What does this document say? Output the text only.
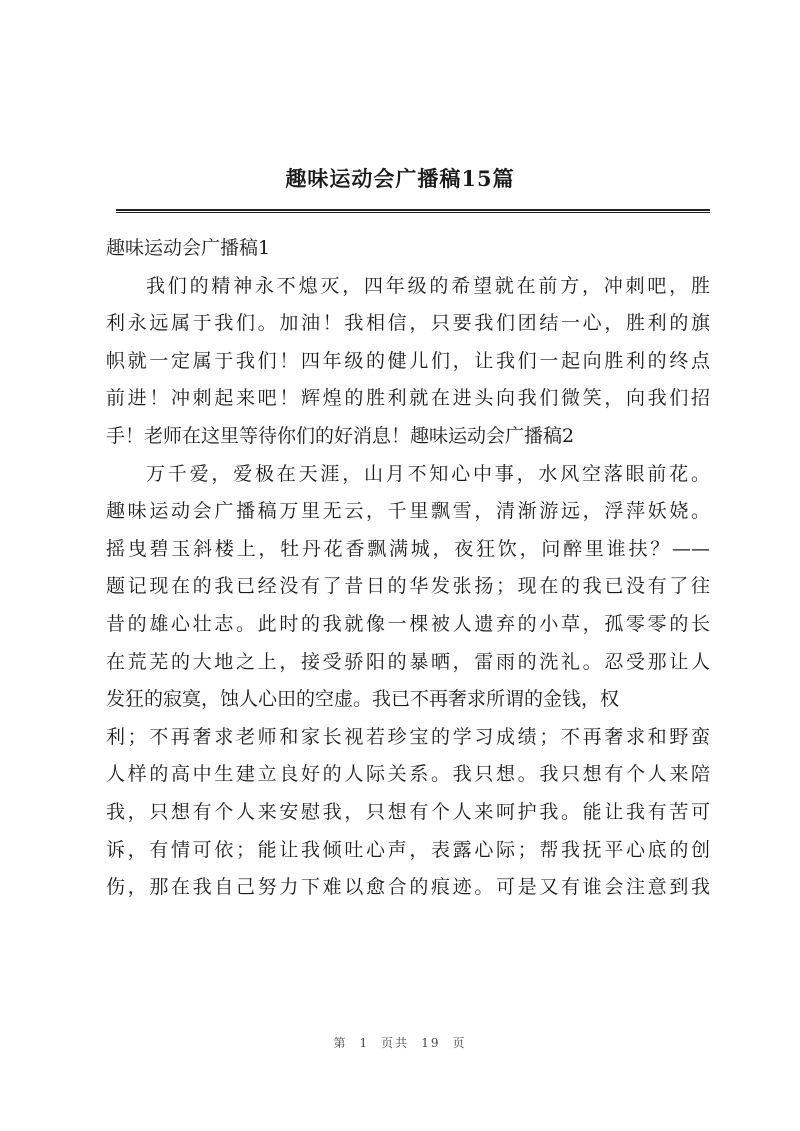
趣味运动会广播稿15篇
趣味运动会广播稿1
我们的精神永不熄灭，四年级的希望就在前方，冲刺吧，胜
利永远属于我们。加油！我相信，只要我们团结一心，胜利的旗
帜就一定属于我们！四年级的健儿们，让我们一起向胜利的终点
前进！冲刺起来吧！辉煌的胜利就在进头向我们微笑，向我们招
手！老师在这里等待你们的好消息！趣味运动会广播稿2
万千爱，爱极在天涯，山月不知心中事，水风空落眼前花。
趣味运动会广播稿万里无云，千里飘雪，清渐游远，浮萍妖娆。
摇曳碧玉斜楼上，牡丹花香飘满城，夜狂饮，问醉里谁扶？——
题记现在的我已经没有了昔日的华发张扬；现在的我已没有了往
昔的雄心壮志。此时的我就像一棵被人遗弃的小草，孤零零的长
在荒芜的大地之上，接受骄阳的暴晒，雷雨的洗礼。忍受那让人
发狂的寂寞，蚀人心田的空虚。我已不再奢求所谓的金钱，权
利；不再奢求老师和家长视若珍宝的学习成绩；不再奢求和野蛮
人样的高中生建立良好的人际关系。我只想。我只想有个人来陪
我，只想有个人来安慰我，只想有个人来呵护我。能让我有苦可
诉，有情可依；能让我倾吐心声，表露心际；帮我抚平心底的创
伤，那在我自己努力下难以愈合的痕迹。可是又有谁会注意到我
第 1 页共 19 页
